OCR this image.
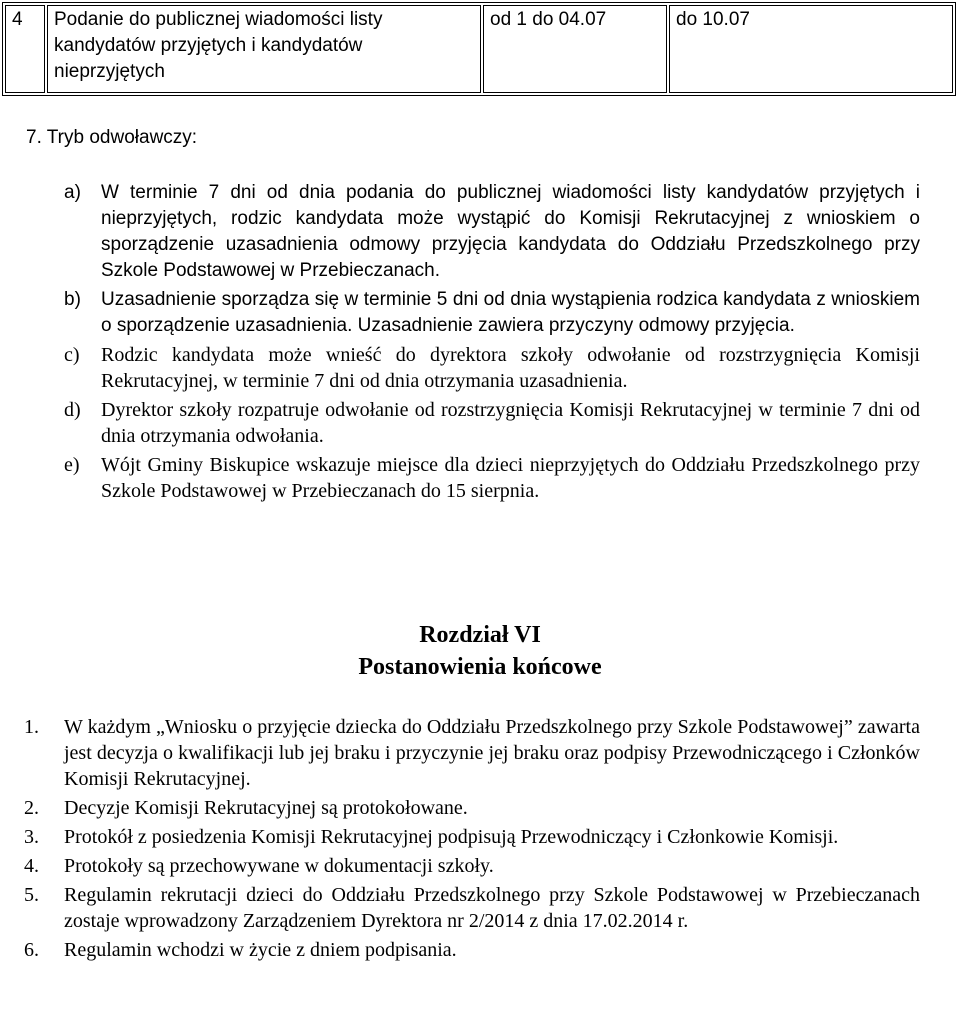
4	Podanie do publicznej wiadomości listy kandydatów przyjętych i kandydatów nieprzyjętych	od 1 do 04.07	do 10.07
7. Tryb odwoławczy:
a) W terminie 7 dni od dnia podania do publicznej wiadomości listy kandydatów przyjętych i nieprzyjętych, rodzic kandydata może wystąpić do Komisji Rekrutacyjnej z wnioskiem o sporządzenie uzasadnienia odmowy przyjęcia kandydata do Oddziału Przedszkolnego przy Szkole Podstawowej w Przebieczanach.
b) Uzasadnienie sporządza się w terminie 5 dni od dnia wystąpienia rodzica kandydata z wnioskiem o sporządzenie uzasadnienia. Uzasadnienie zawiera przyczyny odmowy przyjęcia.
c) Rodzic kandydata może wnieść do dyrektora szkoły odwołanie od rozstrzygnięcia Komisji Rekrutacyjnej, w terminie 7 dni od dnia otrzymania uzasadnienia.
d) Dyrektor szkoły rozpatruje odwołanie od rozstrzygnięcia Komisji Rekrutacyjnej w terminie 7 dni od dnia otrzymania odwołania.
e) Wójt Gminy Biskupice wskazuje miejsce dla dzieci nieprzyjętych do Oddziału Przedszkolnego przy Szkole Podstawowej w Przebieczanach do 15 sierpnia.
Rozdział VI
Postanowienia końcowe
1. W każdym „Wniosku o przyjęcie dziecka do Oddziału Przedszkolnego przy Szkole Podstawowej” zawarta jest decyzja o kwalifikacji lub jej braku i przyczynie jej braku oraz podpisy Przewodniczącego i Członków Komisji Rekrutacyjnej.
2. Decyzje Komisji Rekrutacyjnej są protokołowane.
3. Protokół z posiedzenia Komisji Rekrutacyjnej podpisują Przewodniczący i Członkowie Komisji.
4. Protokoły są przechowywane w dokumentacji szkoły.
5. Regulamin rekrutacji dzieci do Oddziału Przedszkolnego przy Szkole Podstawowej w Przebieczanach zostaje wprowadzony Zarządzeniem Dyrektora nr 2/2014 z dnia 17.02.2014 r.
6. Regulamin wchodzi w życie z dniem podpisania.
